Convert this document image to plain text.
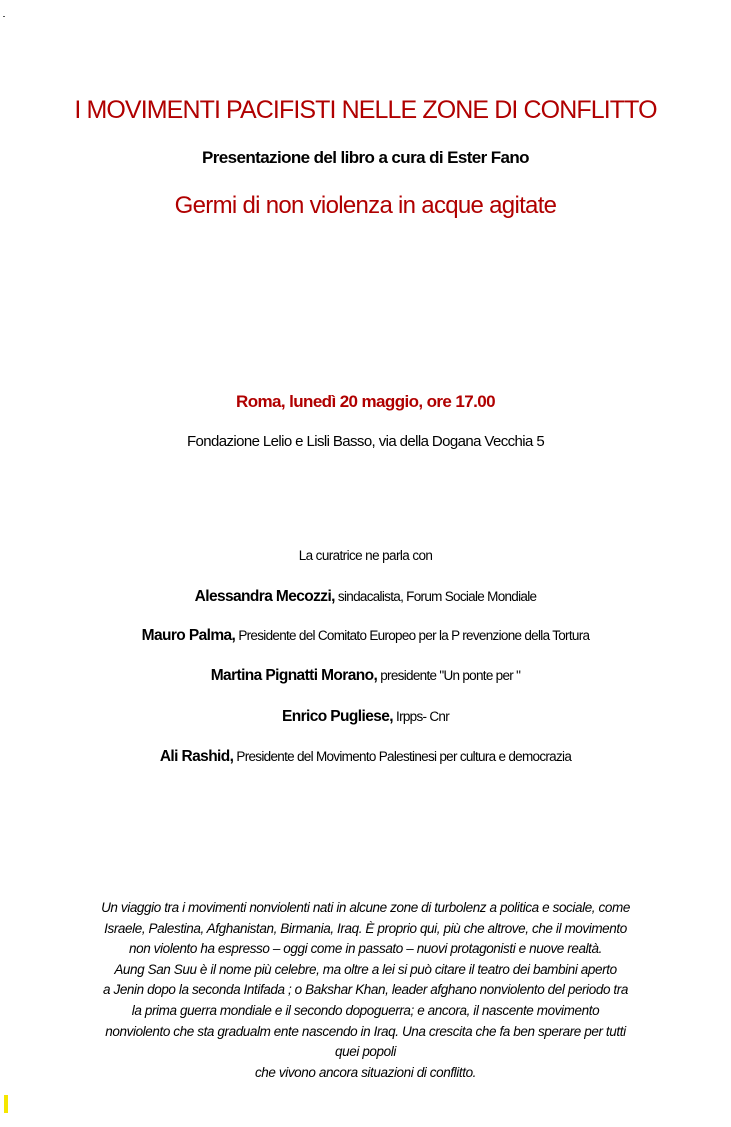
I MOVIMENTI PACIFISTI NELLE ZONE DI CONFLITTO
Presentazione del libro a cura di Ester Fano
Germi di non violenza in acque agitate
Roma, lunedì 20 maggio, ore 17.00
Fondazione Lelio e Lisli Basso, via della Dogana Vecchia 5
La curatrice ne parla con
Alessandra Mecozzi, sindacalista, Forum Sociale Mondiale
Mauro Palma, Presidente del Comitato Europeo per la P revenzione della Tortura
Martina Pignatti Morano, presidente "Un ponte per "
Enrico Pugliese, Irpps- Cnr
Ali Rashid, Presidente del Movimento Palestinesi per cultura e democrazia
Un viaggio tra i movimenti nonviolenti nati in alcune zone di turbolenz a politica e sociale, come
Israele, Palestina, Afghanistan, Birmania, Iraq. È proprio qui, più che altrove, che il movimento
non violento ha espresso – oggi come in passato – nuovi protagonisti e nuove realtà.
Aung San Suu è il nome più celebre, ma oltre a lei si può citare il teatro dei bambini aperto
a Jenin dopo la seconda Intifada ; o Bakshar Khan, leader afghano nonviolento del periodo tra
la prima guerra mondiale e il secondo dopoguerra; e ancora, il nascente movimento
nonviolento che sta gradualm ente nascendo in Iraq. Una crescita che fa ben sperare per tutti
quei popoli
che vivono ancora situazioni di conflitto.
